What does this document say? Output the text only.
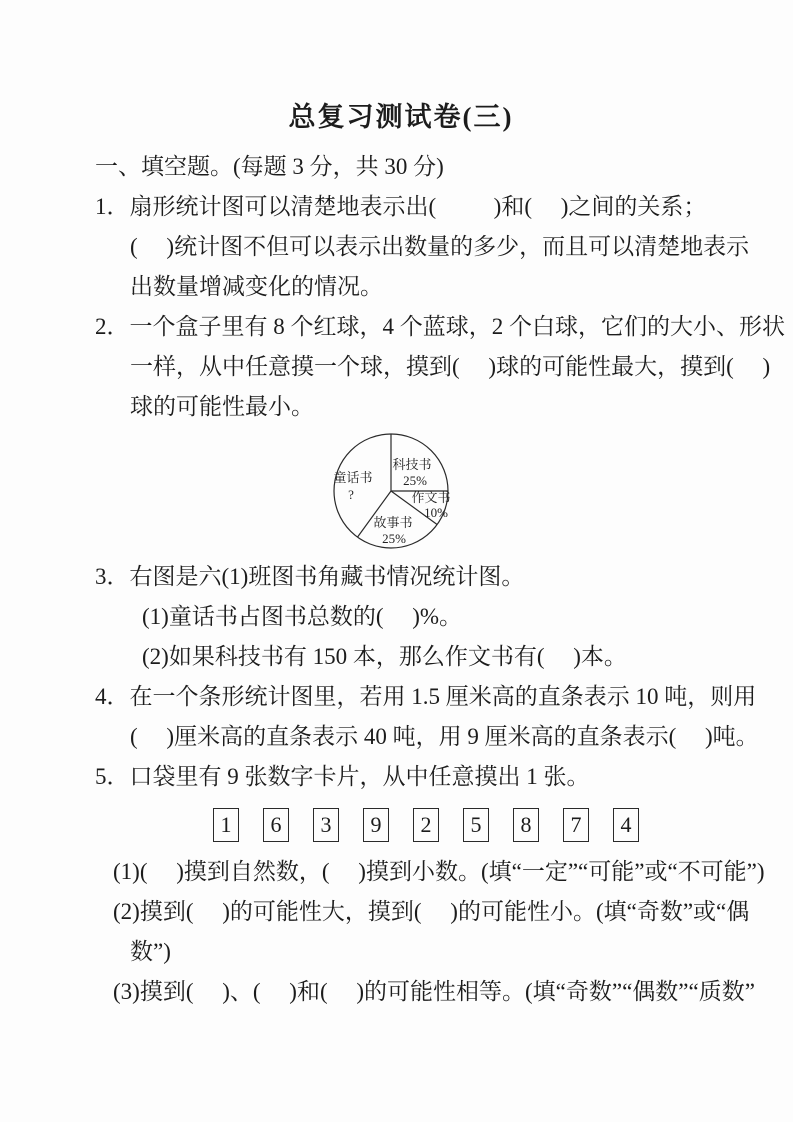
总复习测试卷(三)
一、填空题。(每题 3 分，共 30 分)
1．扇形统计图可以清楚地表示出(          )和(     )之间的关系；
(     )统计图不但可以表示出数量的多少，而且可以清楚地表示
出数量增减变化的情况。
2．一个盒子里有 8 个红球，4 个蓝球，2 个白球，它们的大小、形状
一样，从中任意摸一个球，摸到(     )球的可能性最大，摸到(     )
球的可能性最小。
科技书
25%
作文书
10%
故事书
25%
童话书
?
3．右图是六(1)班图书角藏书情况统计图。
(1)童话书占图书总数的(     )%。
(2)如果科技书有 150 本，那么作文书有(     )本。
4．在一个条形统计图里，若用 1.5 厘米高的直条表示 10 吨，则用
(     )厘米高的直条表示 40 吨，用 9 厘米高的直条表示(     )吨。
5．口袋里有 9 张数字卡片，从中任意摸出 1 张。
1 6 3 9 2 5 8 7 4
(1)(     )摸到自然数，(     )摸到小数。(填“一定”“可能”或“不可能”)
(2)摸到(     )的可能性大，摸到(     )的可能性小。(填“奇数”或“偶
数”)
(3)摸到(     )、(     )和(     )的可能性相等。(填“奇数”“偶数”“质数”
